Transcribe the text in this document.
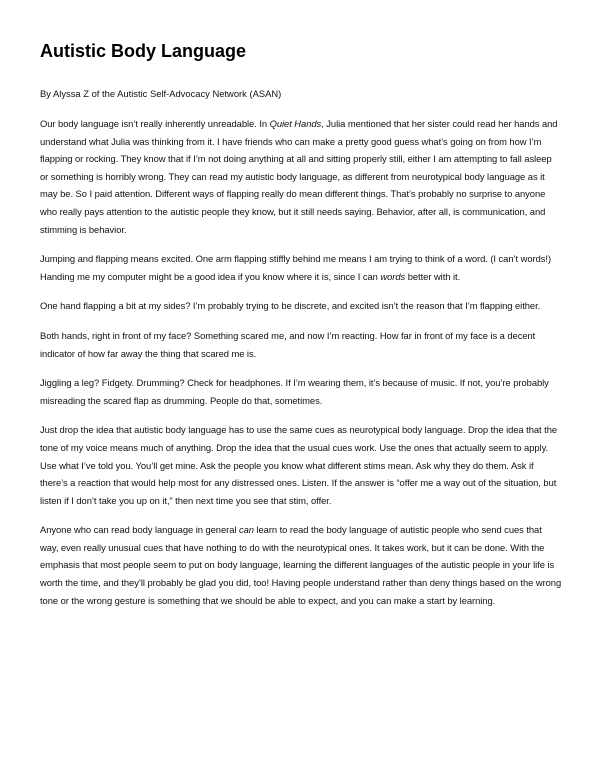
Autistic Body Language
By Alyssa Z of the Autistic Self-Advocacy Network (ASAN)

Our body language isn’t really inherently unreadable. In Quiet Hands, Julia mentioned that her sister could read her hands and understand what Julia was thinking from it. I have friends who can make a pretty good guess what’s going on from how I’m flapping or rocking. They know that if I’m not doing anything at all and sitting properly still, either I am attempting to fall asleep or something is horribly wrong. They can read my autistic body language, as different from neurotypical body language as it may be. So I paid attention. Different ways of flapping really do mean different things. That’s probably no surprise to anyone who really pays attention to the autistic people they know, but it still needs saying. Behavior, after all, is communication, and stimming is behavior.

Jumping and flapping means excited. One arm flapping stiffly behind me means I am trying to think of a word. (I can’t words!) Handing me my computer might be a good idea if you know where it is, since I can words better with it.

One hand flapping a bit at my sides? I’m probably trying to be discrete, and excited isn’t the reason that I’m flapping either.

Both hands, right in front of my face? Something scared me, and now I’m reacting. How far in front of my face is a decent indicator of how far away the thing that scared me is.

Jiggling a leg? Fidgety. Drumming? Check for headphones. If I’m wearing them, it’s because of music. If not, you’re probably misreading the scared flap as drumming. People do that, sometimes.

Just drop the idea that autistic body language has to use the same cues as neurotypical body language. Drop the idea that the tone of my voice means much of anything. Drop the idea that the usual cues work. Use the ones that actually seem to apply. Use what I’ve told you. You’ll get mine. Ask the people you know what different stims mean. Ask why they do them. Ask if there’s a reaction that would help most for any distressed ones. Listen. If the answer is “offer me a way out of the situation, but listen if I don’t take you up on it,” then next time you see that stim, offer.

Anyone who can read body language in general can learn to read the body language of autistic people who send cues that way, even really unusual cues that have nothing to do with the neurotypical ones. It takes work, but it can be done. With the emphasis that most people seem to put on body language, learning the different languages of the autistic people in your life is worth the time, and they’ll probably be glad you did, too! Having people understand rather than deny things based on the wrong tone or the wrong gesture is something that we should be able to expect, and you can make a start by learning.
